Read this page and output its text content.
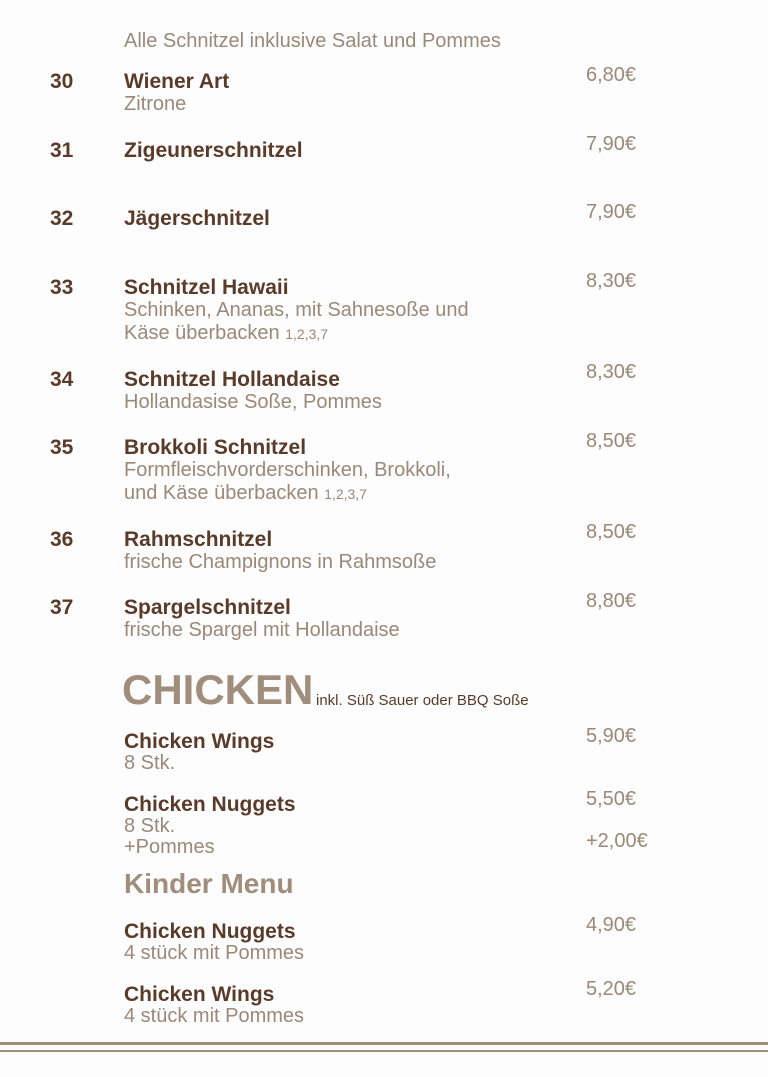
Alle Schnitzel inklusive Salat und Pommes
30 Wiener Art
Zitrone
6,80€
31 Zigeunerschnitzel	7,90€
32 Jägerschnitzel	7,90€
33 Schnitzel Hawaii
Schinken, Ananas, mit Sahnesoße und
Käse überbacken 1,2,3,7
8,30€
34 Schnitzel Hollandaise
Hollandasise Soße, Pommes
8,30€
35 Brokkoli Schnitzel
Formfleischvorderschinken, Brokkoli,
und Käse überbacken 1,2,3,7
8,50€
36 Rahmschnitzel
frische Champignons in Rahmsoße
8,50€
37 Spargelschnitzel
frische Spargel mit Hollandaise
8,80€
CHICKEN inkl. Süß Sauer oder BBQ Soße
Chicken Wings
8 Stk.
5,90€
Chicken Nuggets
8 Stk.
+Pommes
5,50€
+2,00€
Kinder Menu
Chicken Nuggets
4 stück mit Pommes
4,90€
Chicken Wings
4 stück mit Pommes
5,20€
